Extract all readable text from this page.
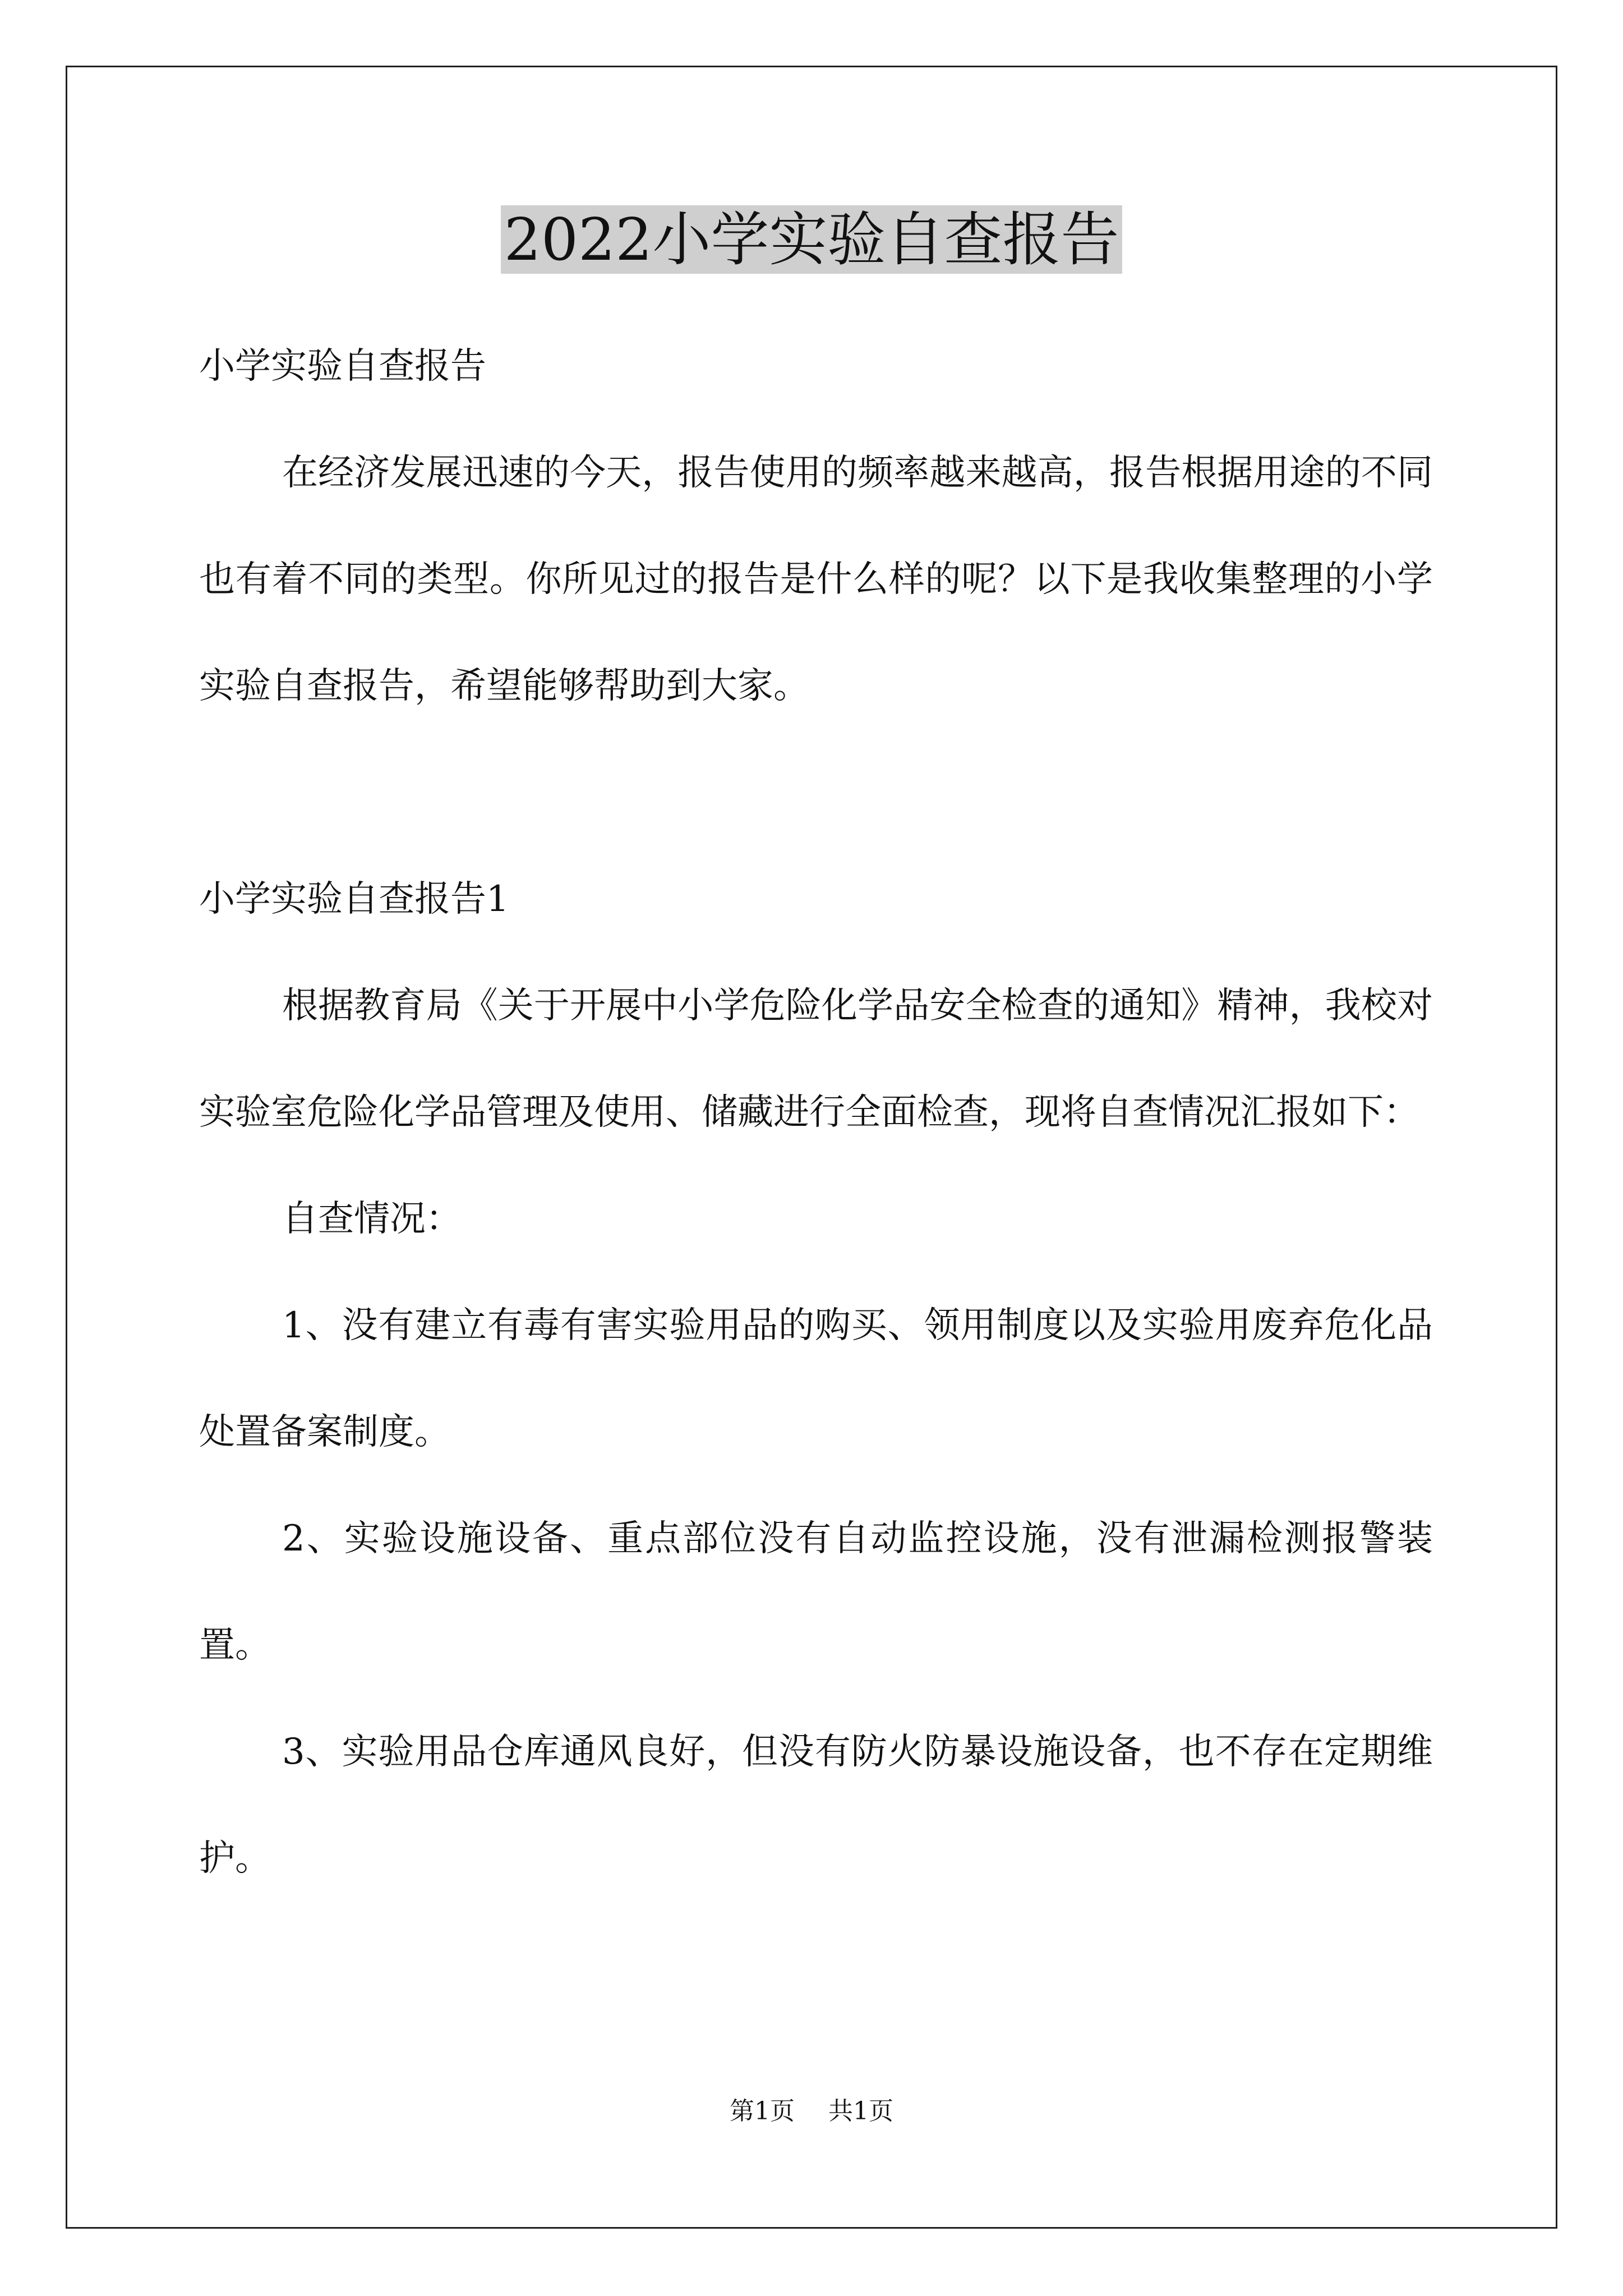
2022小学实验自查报告

小学实验自查报告

在经济发展迅速的今天，报告使用的频率越来越高，报告根据用途的不同也有着不同的类型。你所见过的报告是什么样的呢？以下是我收集整理的小学实验自查报告，希望能够帮助到大家。

小学实验自查报告1

根据教育局《关于开展中小学危险化学品安全检查的通知》精神，我校对实验室危险化学品管理及使用、储藏进行全面检查，现将自查情况汇报如下：

自查情况：

1、没有建立有毒有害实验用品的购买、领用制度以及实验用废弃危化品处置备案制度。

2、实验设施设备、重点部位没有自动监控设施，没有泄漏检测报警装置。

3、实验用品仓库通风良好，但没有防火防暴设施设备，也不存在定期维护。

第1页 共1页
